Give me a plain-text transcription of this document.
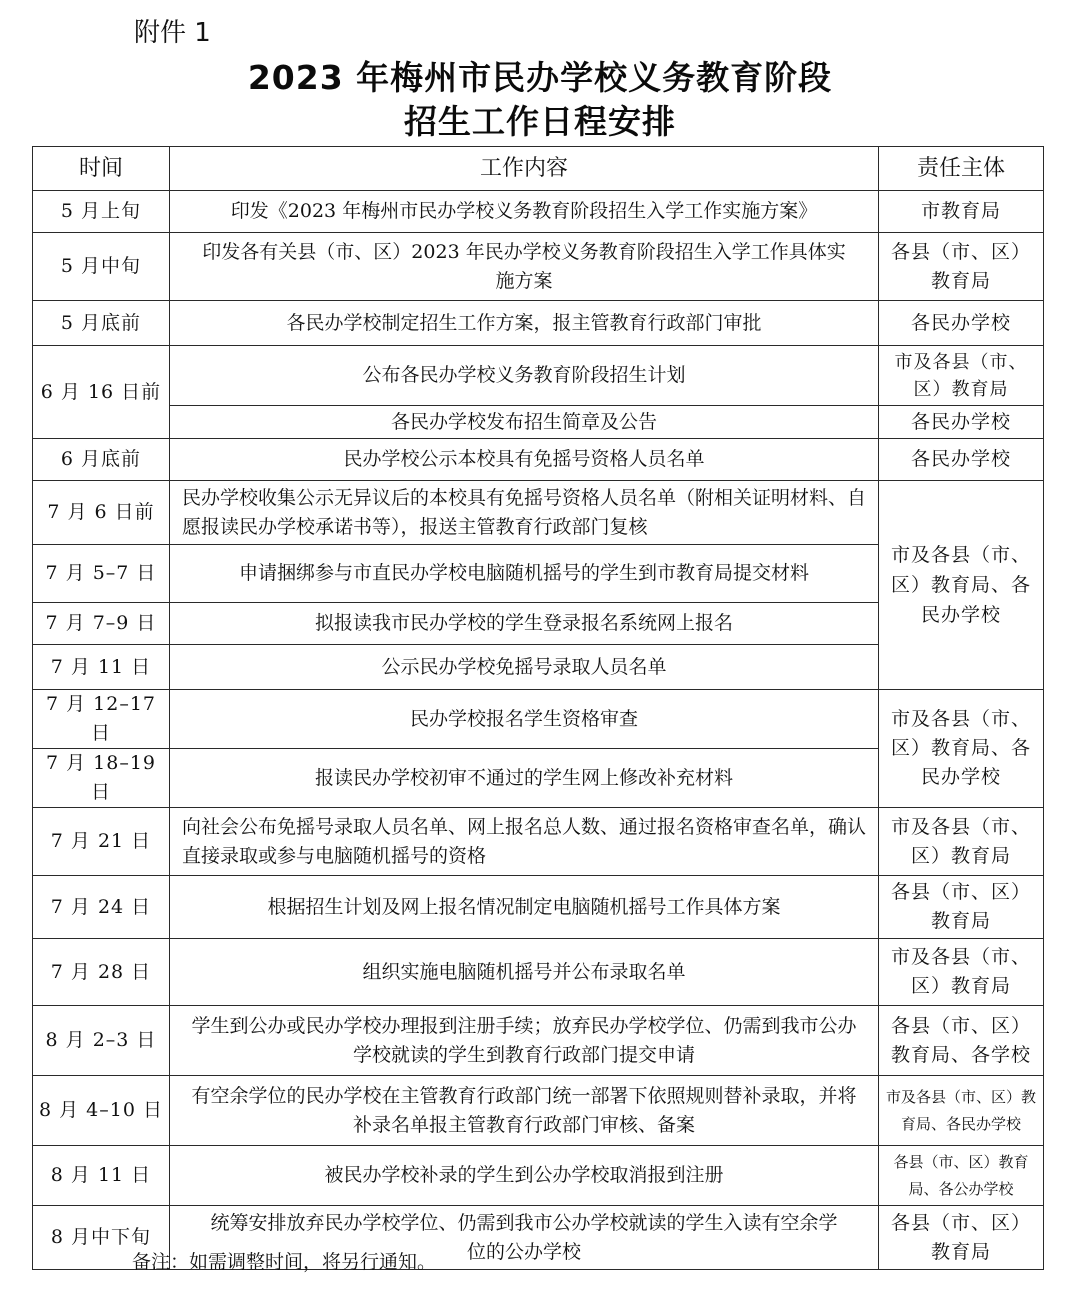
附件 1
2023 年梅州市民办学校义务教育阶段
招生工作日程安排
时间	工作内容	责任主体
5 月上旬	印发《2023 年梅州市民办学校义务教育阶段招生入学工作实施方案》	市教育局
5 月中旬	印发各有关县（市、区）2023 年民办学校义务教育阶段招生入学工作具体实施方案	各县（市、区）教育局
5 月底前	各民办学校制定招生工作方案，报主管教育行政部门审批	各民办学校
6 月 16 日前	公布各民办学校义务教育阶段招生计划	市及各县（市、区）教育局
	各民办学校发布招生简章及公告	各民办学校
6 月底前	民办学校公示本校具有免摇号资格人员名单	各民办学校
7 月 6 日前	民办学校收集公示无异议后的本校具有免摇号资格人员名单（附相关证明材料、自愿报读民办学校承诺书等），报送主管教育行政部门复核	市及各县（市、区）教育局、各民办学校
7 月 5–7 日	申请捆绑参与市直民办学校电脑随机摇号的学生到市教育局提交材料	
7 月 7–9 日	拟报读我市民办学校的学生登录报名系统网上报名	
7 月 11 日	公示民办学校免摇号录取人员名单	
7 月 12–17 日	民办学校报名学生资格审查	市及各县（市、区）教育局、各民办学校
7 月 18–19 日	报读民办学校初审不通过的学生网上修改补充材料	
7 月 21 日	向社会公布免摇号录取人员名单、网上报名总人数、通过报名资格审查名单，确认直接录取或参与电脑随机摇号的资格	市及各县（市、区）教育局
7 月 24 日	根据招生计划及网上报名情况制定电脑随机摇号工作具体方案	各县（市、区）教育局
7 月 28 日	组织实施电脑随机摇号并公布录取名单	市及各县（市、区）教育局
8 月 2–3 日	学生到公办或民办学校办理报到注册手续；放弃民办学校学位、仍需到我市公办学校就读的学生到教育行政部门提交申请	各县（市、区）教育局、各学校
8 月 4–10 日	有空余学位的民办学校在主管教育行政部门统一部署下依照规则替补录取，并将补录名单报主管教育行政部门审核、备案	市及各县（市、区）教育局、各民办学校
8 月 11 日	被民办学校补录的学生到公办学校取消报到注册	各县（市、区）教育局、各公办学校
8 月中下旬	统筹安排放弃民办学校学位、仍需到我市公办学校就读的学生入读有空余学位的公办学校	各县（市、区）教育局
备注：如需调整时间，将另行通知。
